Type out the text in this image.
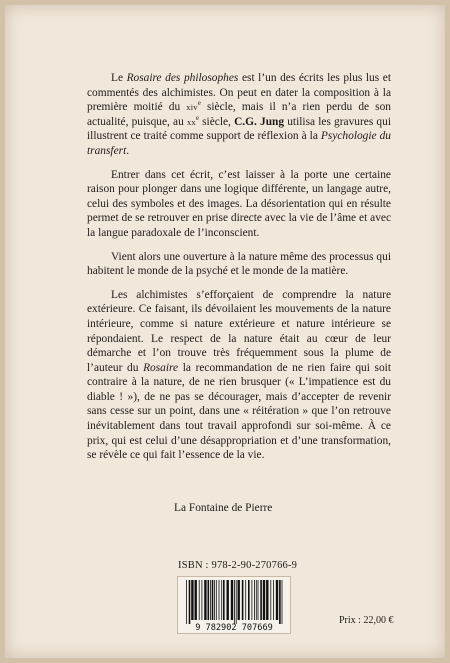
Le Rosaire des philosophes est l’un des écrits les plus lus et commentés des alchimistes. On peut en dater la composition à la première moitié du xiv$^e$ siècle, mais il n’a rien perdu de son actualité, puisque, au $xx^e$ siècle, C.G. Jung utilisa les gravures qui illustrent ce traité comme support de réflexion à la Psychologie du transfert.

Entrer dans cet écrit, c’est laisser à la porte une certaine raison pour plonger dans une logique différente, un langage autre, celui des symboles et des images. La désorientation qui en résulte permet de se retrouver en prise directe avec la vie de l’âme et avec la langue paradoxale de l’inconscient.

Vient alors une ouverture à la nature même des processus qui habitent le monde de la psyché et le monde de la matière.

Les alchimistes s’efforçaient de comprendre la nature extérieure. Ce faisant, ils dévoilaient les mouvements de la nature intérieure, comme si nature extérieure et nature intérieure se répondaient. Le respect de la nature était au cœur de leur démarche et l’on trouve très fréquemment sous la plume de l’auteur du Rosaire la recommandation de ne rien faire qui soit contraire à la nature, de ne rien brusquer (« L’impatience est du diable ! »), de ne pas se décourager, mais d’accepter de revenir sans cesse sur un point, dans une « réitération » que l’on retrouve inévitablement dans tout travail approfondi sur soi-même. À ce prix, qui est celui d’une désappropriation et d’une transformation, se révèle ce qui fait l’essence de la vie.

La Fontaine de Pierre
ISBN : 978-2-90-270766-9
9 782902 707669
Prix : 22,00 €
